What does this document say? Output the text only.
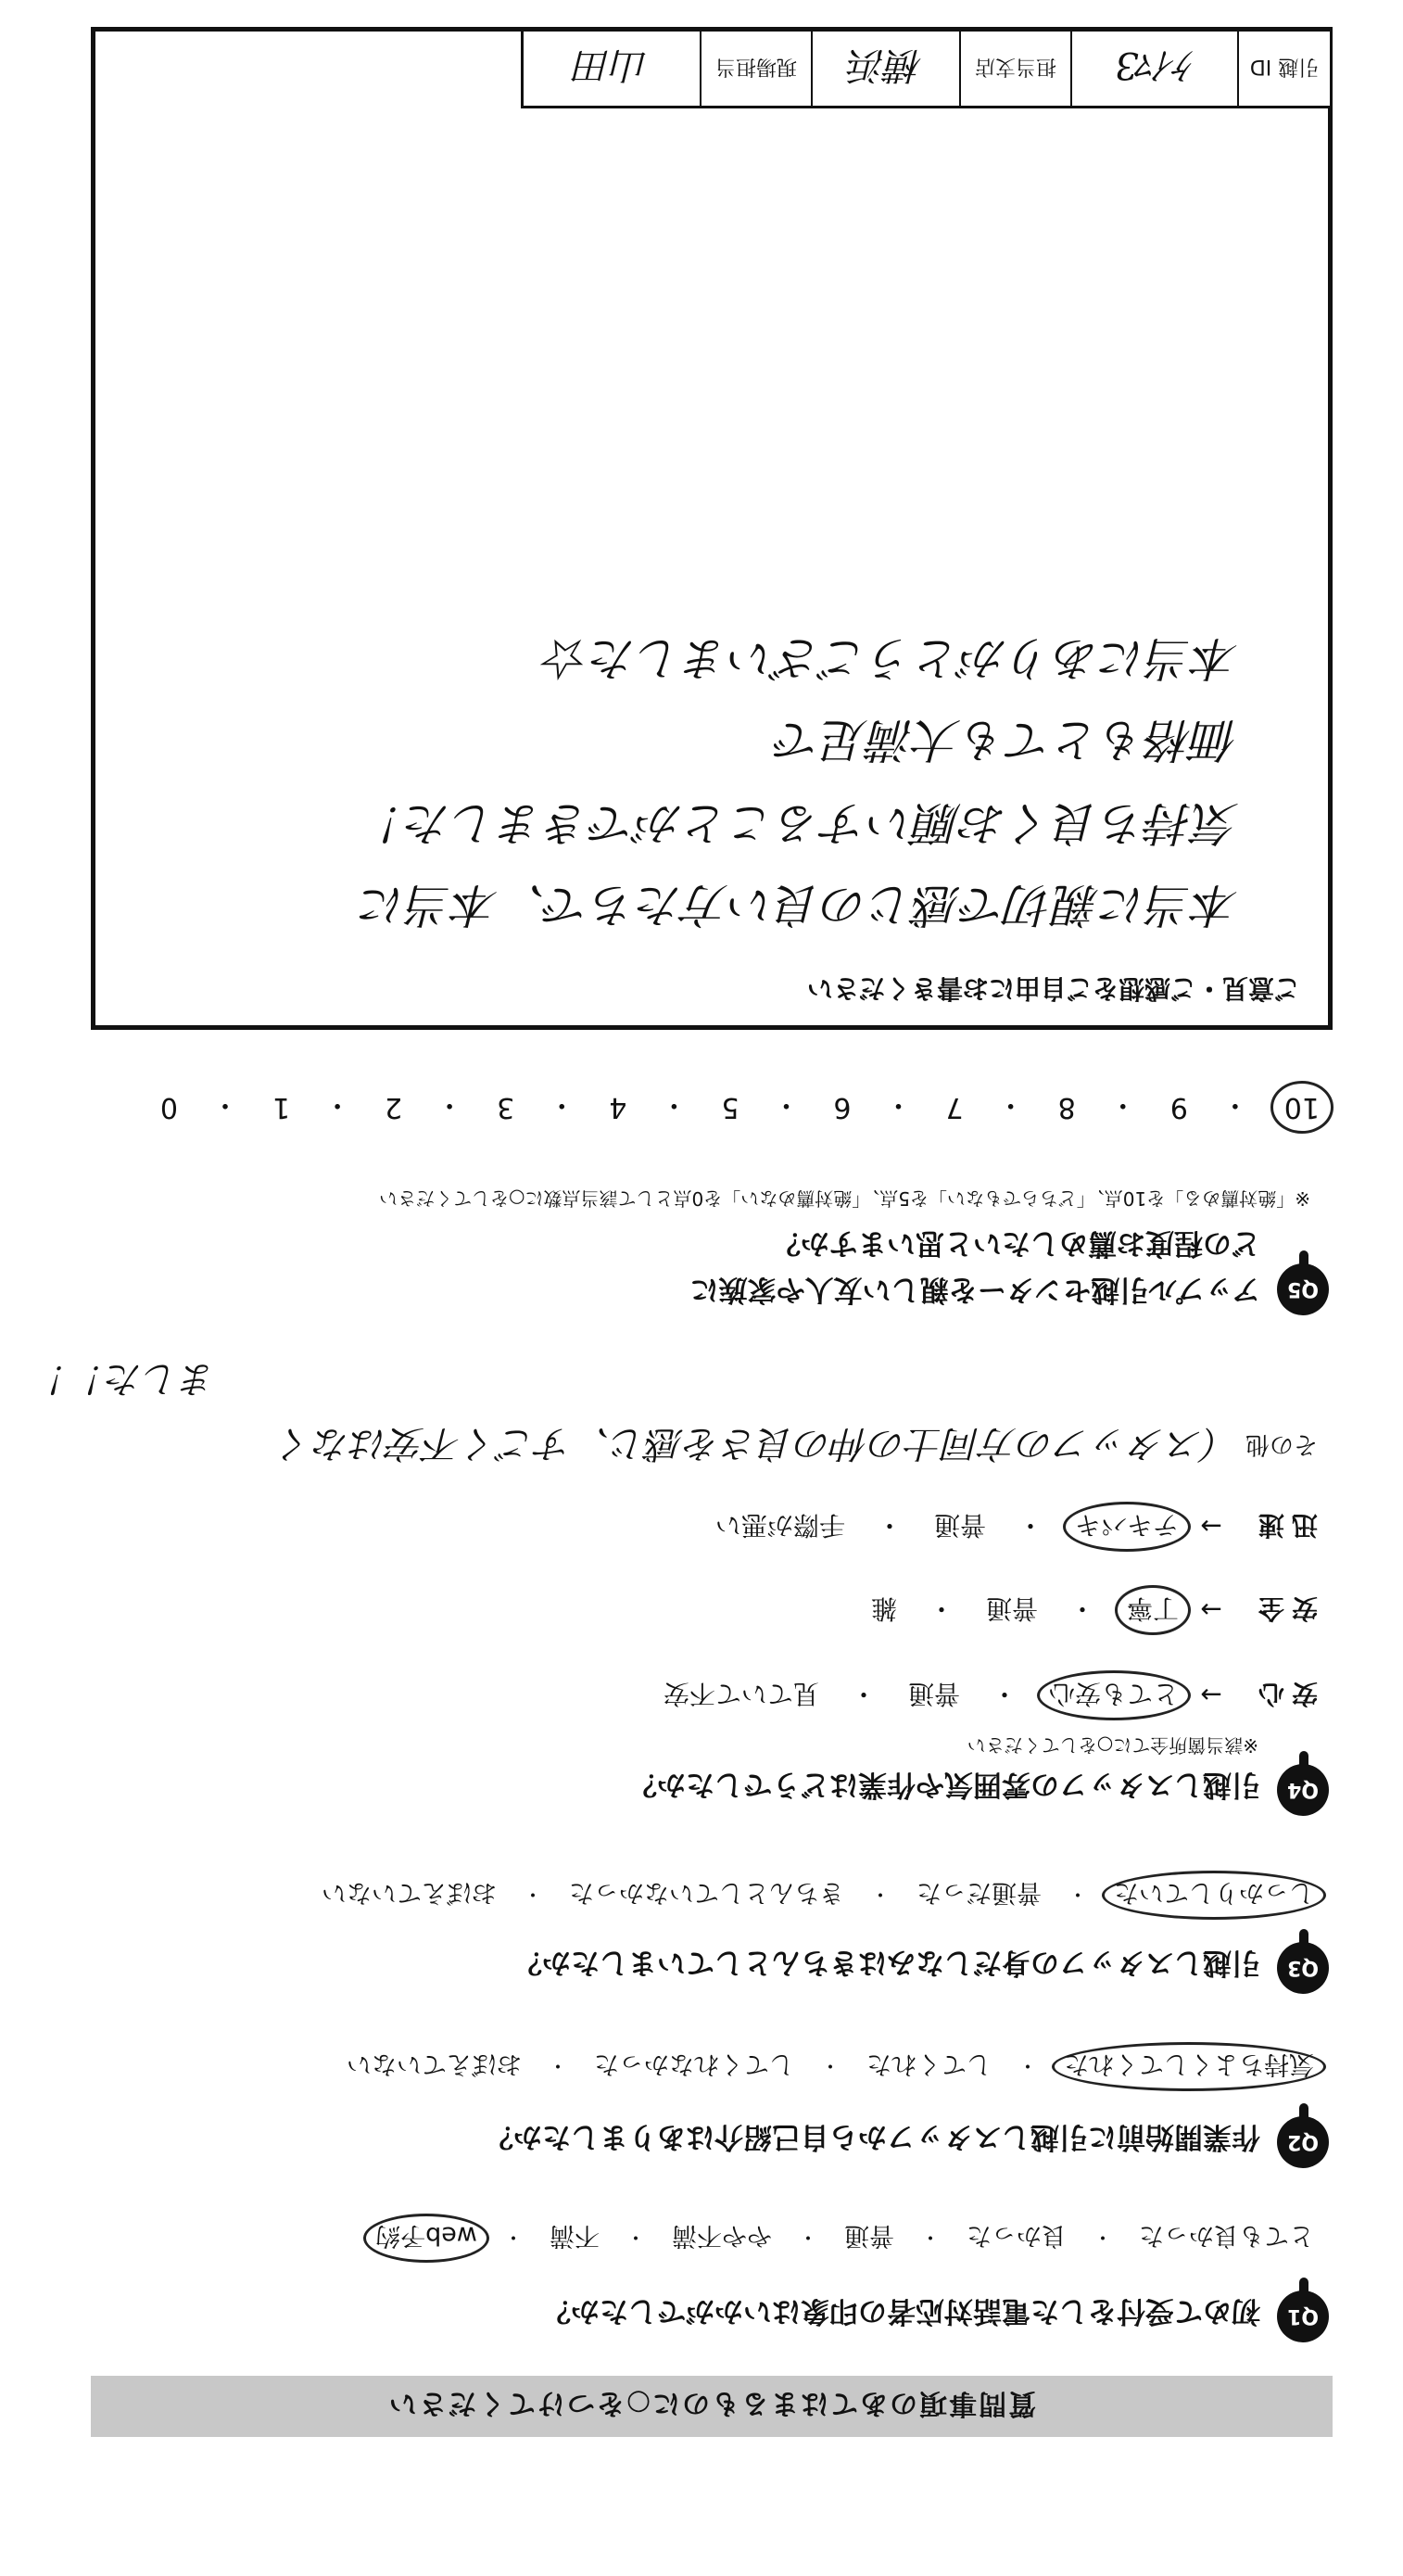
質問事項のあてはまるものに○をつけてください
Q1
初めて受付をした電話対応者の印象はいかがでしたか？
とても良かった
・
良かった
・
普通
・
やや不満
・
不満
・
web予約
Q2
作業開始前に引越しスタッフから自己紹介はありましたか？
気持ちよくしてくれた
・
してくれた
・
してくれなかった
・
おぼえていない
Q3
引越しスタッフの身だしなみはきちんとしていましたか？
しっかりしていた
・
普通だった
・
きちんとしていなかった
・
おぼえていない
Q4
引越しスタッフの雰囲気や作業はどうでしたか？
※該当箇所全てに○をしてください
安心
→
とても安心
・
普通
・
見ていて不安
安全
→
丁寧
・
普通
・
雑
迅速
→
テキパキ
・
普通
・
手際が悪い
その他
（スタッフの方同士の仲の良さを感じ、すごく不安はなく
ました！！
Q5
アップル引越センターを親しい友人や家族に
どの程度お薦めしたいと思いますか？
※「絶対薦める」を10点、「どちらでもない」を5点、「絶対薦めない」を0点として該当点数に○をしてください
10
・
9
・
8
・
7
・
6
・
5
・
4
・
3
・
2
・
1
・
0
ご意見・ご感想をご自由にお書きください
本当に親切で感じの良い方たちで、本当に
気持ち良くお願いすることができました！
価格もとても大満足で
本当にありがとうございました☆
引越 ID
ｹｲﾏ3
担当支店
横浜
現場担当
山田
